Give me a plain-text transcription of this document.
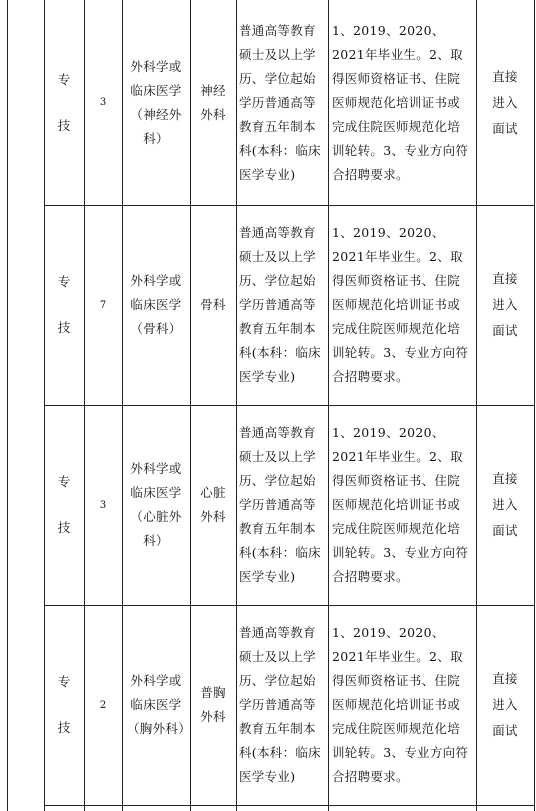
专技
3
外科学或临床医学（神经外科）
神经外科
普通高等教育硕士及以上学历、学位起始学历普通高等教育五年制本科(本科：临床医学专业)
1、2019、2020、2021年毕业生。2、取得医师资格证书、住院医师规范化培训证书或完成住院医师规范化培训轮转。3、专业方向符合招聘要求。
直接进入面试
专技
7
外科学或临床医学（骨科）
骨科
普通高等教育硕士及以上学历、学位起始学历普通高等教育五年制本科(本科：临床医学专业)
1、2019、2020、2021年毕业生。2、取得医师资格证书、住院医师规范化培训证书或完成住院医师规范化培训轮转。3、专业方向符合招聘要求。
直接进入面试
专技
3
外科学或临床医学（心脏外科）
心脏外科
普通高等教育硕士及以上学历、学位起始学历普通高等教育五年制本科(本科：临床医学专业)
1、2019、2020、2021年毕业生。2、取得医师资格证书、住院医师规范化培训证书或完成住院医师规范化培训轮转。3、专业方向符合招聘要求。
直接进入面试
专技
2
外科学或临床医学（胸外科）
普胸外科
普通高等教育硕士及以上学历、学位起始学历普通高等教育五年制本科(本科：临床医学专业)
1、2019、2020、2021年毕业生。2、取得医师资格证书、住院医师规范化培训证书或完成住院医师规范化培训轮转。3、专业方向符合招聘要求。
直接进入面试
